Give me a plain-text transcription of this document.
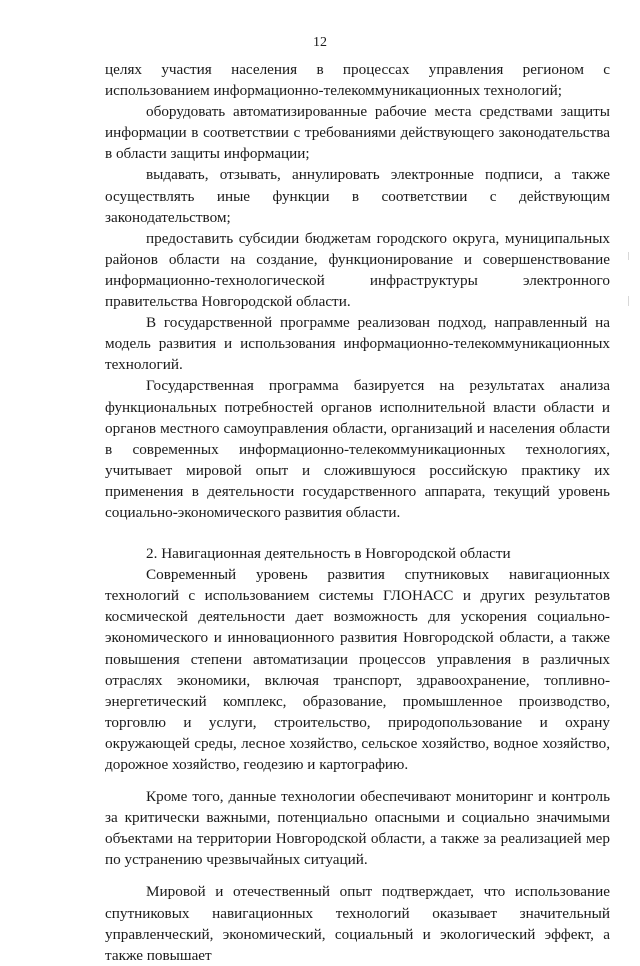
12

целях участия населения в процессах управления регионом с использованием информационно-телекоммуникационных технологий;

оборудовать автоматизированные рабочие места средствами защиты информации в соответствии с требованиями действующего законодательства в области защиты информации;

выдавать, отзывать, аннулировать электронные подписи, а также осуществлять иные функции в соответствии с действующим законодательством;

предоставить субсидии бюджетам городского округа, муниципальных районов области на создание, функционирование и совершенствование информационно-технологической инфраструктуры электронного правительства Новгородской области.

В государственной программе реализован подход, направленный на модель развития и использования информационно-телекоммуникационных технологий.

Государственная программа базируется на результатах анализа функциональных потребностей органов исполнительной власти области и органов местного самоуправления области, организаций и населения области в современных информационно-телекоммуникационных технологиях, учитывает мировой опыт и сложившуюся российскую практику их применения в деятельности государственного аппарата, текущий уровень социально-экономического развития области.

2. Навигационная деятельность в Новгородской области

Современный уровень развития спутниковых навигационных технологий с использованием системы ГЛОНАСС и других результатов космической деятельности дает возможность для ускорения социально-экономического и инновационного развития Новгородской области, а также повышения степени автоматизации процессов управления в различных отраслях экономики, включая транспорт, здравоохранение, топливно-энергетический комплекс, образование, промышленное производство, торговлю и услуги, строительство, природопользование и охрану окружающей среды, лесное хозяйство, сельское хозяйство, водное хозяйство, дорожное хозяйство, геодезию и картографию.

Кроме того, данные технологии обеспечивают мониторинг и контроль за критически важными, потенциально опасными и социально значимыми объектами на территории Новгородской области, а также за реализацией мер по устранению чрезвычайных ситуаций.

Мировой и отечественный опыт подтверждает, что использование спутниковых навигационных технологий оказывает значительный управленческий, экономический, социальный и экологический эффект, а также повышает
